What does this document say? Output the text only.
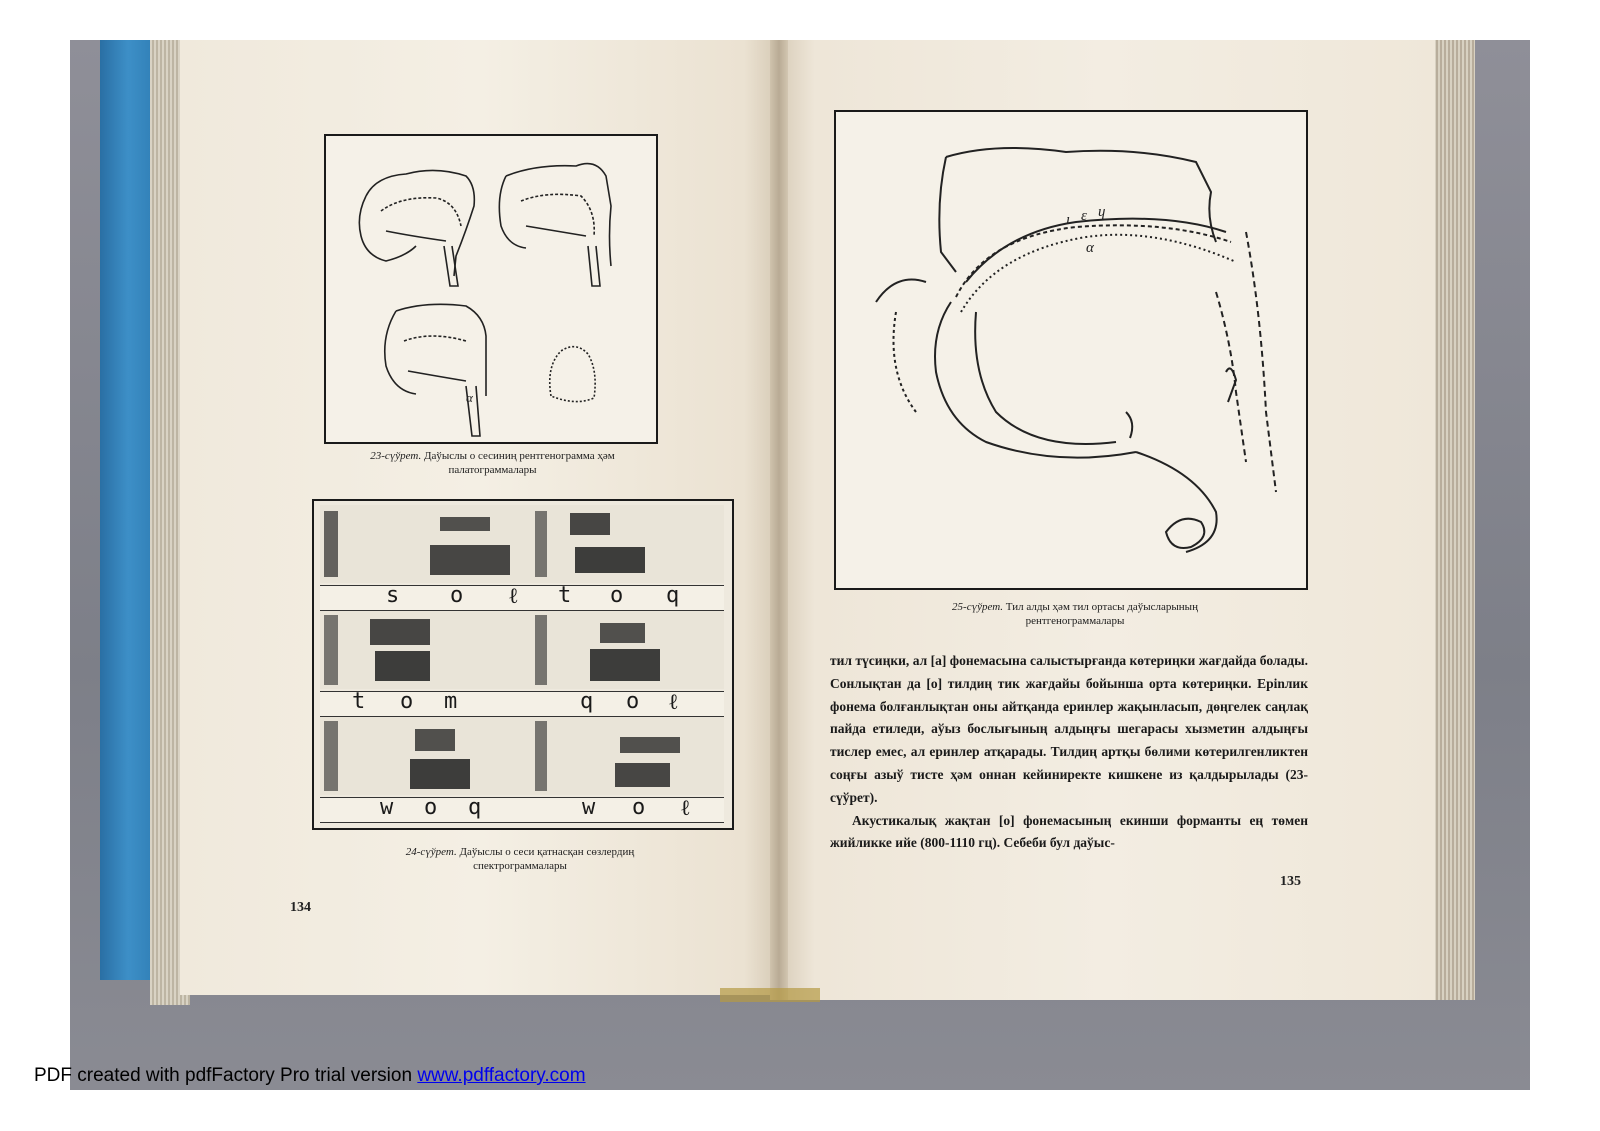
α
23-сүўрет. Даўыслы о сесиниң рентгенограмма ҳәм
палатограммалары
s o ℓ t o q
t o m	q o ℓ
w o q	w o ℓ
24-сүўрет. Даўыслы о сеси қатнасқан сөзлердиң
спектрограммалары
134
ı ε ɥ
α
25-сүўрет. Тил алды ҳәм тил ортасы даўысларының
рентгенограммалары

тил түсиңки, ал [а] фонемасына салыстырғанда көтериңки жағдайда болады. Сонлықтан да [о] тилдиң тик жағдайы бойынша орта көтериңки. Ерinлик фонема болғанлықтан оны айтқанда еринлер жақынласып, дөңгелек саңлақ пайда етиледи, аўыз бослығының алдыңғы шегарасы хызметин алдыңғы тислер емес, ал еринлер атқарады. Тилдиң артқы бөлими көтерилгенликтен соңғы азыў тисте ҳәм оннан кейиниректе кишкене из қалдырылады (23-сүўрет).

Акустикалық жақтан [о] фонемасының екинши форманты ең төмен жийликке ийе (800-1110 гц). Себеби бул даўыс-

135
PDF created with pdfFactory Pro trial version www.pdffactory.com
